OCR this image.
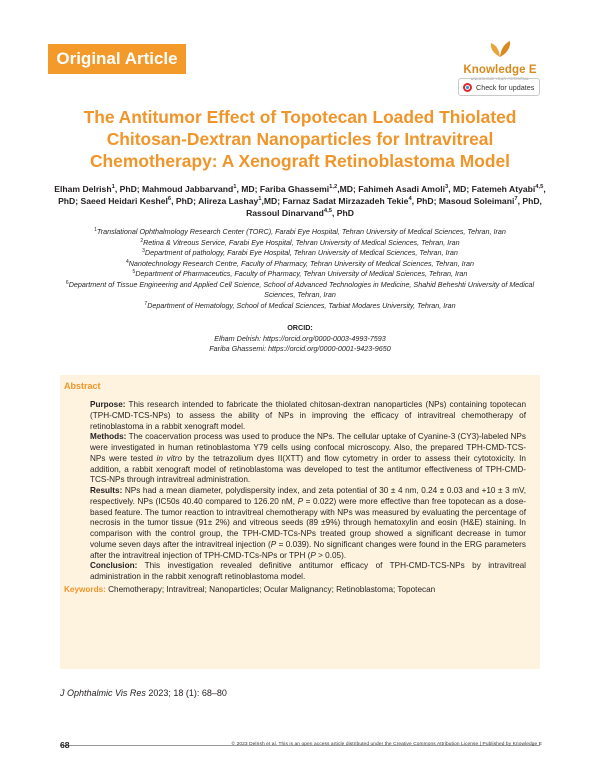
Original Article
Knowledge E
UNLOCKING YOUR POTENTIAL
Check for updates
The Antitumor Effect of Topotecan Loaded Thiolated Chitosan-Dextran Nanoparticles for Intravitreal Chemotherapy: A Xenograft Retinoblastoma Model
Elham Delrish$^1$, PhD; Mahmoud Jabbarvand$^1$, MD; Fariba Ghassemi$^{1,2}$,MD; Fahimeh Asadi Amoli$^3$, MD; Fatemeh Atyabi$^{4,5}$, PhD; Saeed Heidari Keshel$^6$, PhD; Alireza Lashay$^1$,MD; Farnaz Sadat Mirzazadeh Tekie$^4$, PhD; Masoud Soleimani$^7$, PhD, Rassoul Dinarvand$^{4,5}$, PhD
$^1$Translational Ophthalmology Research Center (TORC), Farabi Eye Hospital, Tehran University of Medical Sciences, Tehran, Iran
$^2$Retina & Vitreous Service, Farabi Eye Hospital, Tehran University of Medical Sciences, Tehran, Iran
$^3$Department of pathology, Farabi Eye Hospital, Tehran University of Medical Sciences, Tehran, Iran
$^4$Nanotechnology Research Centre, Faculty of Pharmacy, Tehran University of Medical Sciences, Tehran, Iran
$^5$Department of Pharmaceutics, Faculty of Pharmacy, Tehran University of Medical Sciences, Tehran, Iran
$^6$Department of Tissue Engineering and Applied Cell Science, School of Advanced Technologies in Medicine, Shahid Beheshti University of Medical Sciences, Tehran, Iran
$^7$Department of Hematology, School of Medical Sciences, Tarbiat Modares University, Tehran, Iran
ORCID:
Elham Delrish: https://orcid.org/0000-0003-4993-7593
Fariba Ghassemi: https://orcid.org/0000-0001-9423-9650
Abstract

Purpose: This research intended to fabricate the thiolated chitosan-dextran nanoparticles (NPs) containing topotecan (TPH-CMD-TCS-NPs) to assess the ability of NPs in improving the efficacy of intravitreal chemotherapy of retinoblastoma in a rabbit xenograft model.

Methods: The coacervation process was used to produce the NPs. The cellular uptake of Cyanine-3 (CY3)-labeled NPs were investigated in human retinoblastoma Y79 cells using confocal microscopy. Also, the prepared TPH-CMD-TCS-NPs were tested in vitro by the tetrazolium dyes II(XTT) and flow cytometry in order to assess their cytotoxicity. In addition, a rabbit xenograft model of retinoblastoma was developed to test the antitumor effectiveness of TPH-CMD-TCS-NPs through intravitreal administration.

Results: NPs had a mean diameter, polydispersity index, and zeta potential of 30 ± 4 nm, 0.24 ± 0.03 and +10 ± 3 mV, respectively. NPs (IC50s 40.40 compared to 126.20 nM, P = 0.022) were more effective than free topotecan as a dose-based feature. The tumor reaction to intravitreal chemotherapy with NPs was measured by evaluating the percentage of necrosis in the tumor tissue (91± 2%) and vitreous seeds (89 ±9%) through hematoxylin and eosin (H&E) staining. In comparison with the control group, the TPH-CMD-TCs-NPs treated group showed a significant decrease in tumor volume seven days after the intravitreal injection (P = 0.039). No significant changes were found in the ERG parameters after the intravitreal injection of TPH-CMD-TCs-NPs or TPH (P > 0.05).

Conclusion: This investigation revealed definitive antitumor efficacy of TPH-CMD-TCS-NPs by intravitreal administration in the rabbit xenograft retinoblastoma model.

Keywords: Chemotherapy; Intravitreal; Nanoparticles; Ocular Malignancy; Retinoblastoma; Topotecan

J Ophthalmic Vis Res 2023; 18 (1): 68–80
68	© 2023 Delrish et al. This is an open access article distributed under the Creative Commons Attribution License | Published by Knowledge E
